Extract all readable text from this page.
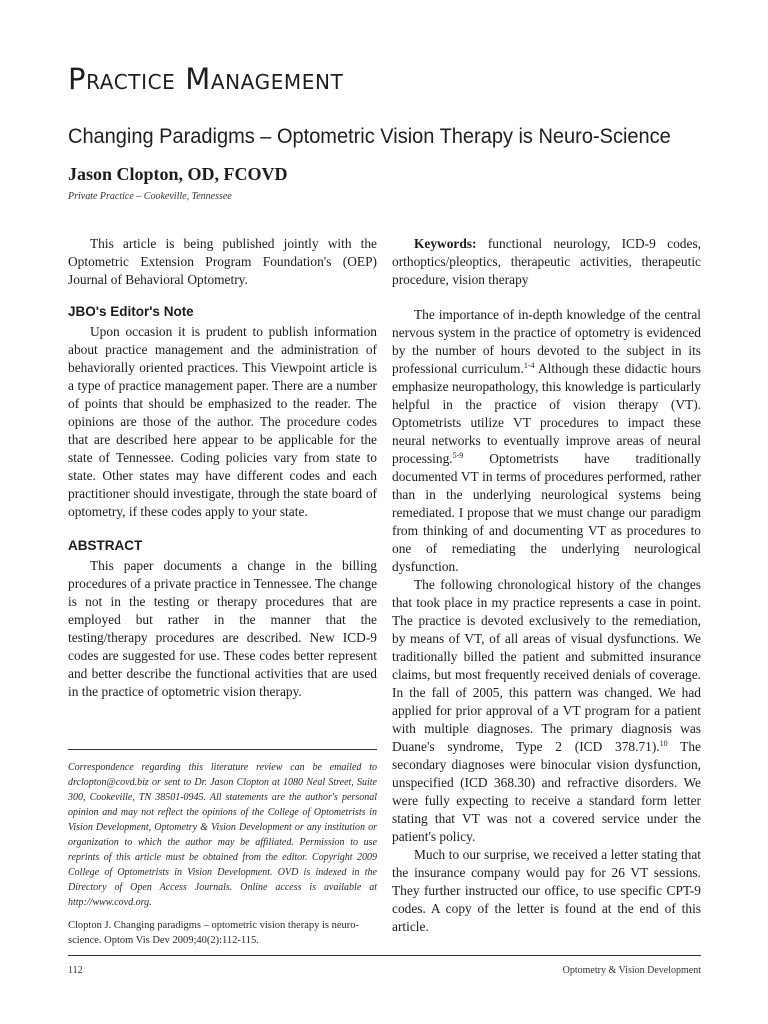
Practice Management
Changing Paradigms – Optometric Vision Therapy is Neuro-Science
Jason Clopton, OD, FCOVD
Private Practice – Cookeville, Tennessee

This article is being published jointly with the Optometric Extension Program Foundation's (OEP) Journal of Behavioral Optometry.

JBO's Editor's Note

Upon occasion it is prudent to publish information about practice management and the administration of behaviorally oriented practices. This Viewpoint article is a type of practice management paper. There are a number of points that should be emphasized to the reader. The opinions are those of the author. The procedure codes that are described here appear to be applicable for the state of Tennessee. Coding policies vary from state to state. Other states may have different codes and each practitioner should investigate, through the state board of optometry, if these codes apply to your state.

ABSTRACT

This paper documents a change in the billing procedures of a private practice in Tennessee. The change is not in the testing or therapy procedures that are employed but rather in the manner that the testing/therapy procedures are described. New ICD-9 codes are suggested for use. These codes better represent and better describe the functional activities that are used in the practice of optometric vision therapy.

Keywords: functional neurology, ICD-9 codes, orthoptics/pleoptics, therapeutic activities, therapeutic procedure, vision therapy

The importance of in-depth knowledge of the central nervous system in the practice of optometry is evidenced by the number of hours devoted to the subject in its professional curriculum.$^{1-4}$ Although these didactic hours emphasize neuropathology, this knowledge is particularly helpful in the practice of vision therapy (VT). Optometrists utilize VT procedures to impact these neural networks to eventually improve areas of neural processing.$^{5-9}$ Optometrists have traditionally documented VT in terms of procedures performed, rather than in the underlying neurological systems being remediated. I propose that we must change our paradigm from thinking of and documenting VT as procedures to one of remediating the underlying neurological dysfunction.

The following chronological history of the changes that took place in my practice represents a case in point. The practice is devoted exclusively to the remediation, by means of VT, of all areas of visual dysfunctions. We traditionally billed the patient and submitted insurance claims, but most frequently received denials of coverage. In the fall of 2005, this pattern was changed. We had applied for prior approval of a VT program for a patient with multiple diagnoses. The primary diagnosis was Duane's syndrome, Type 2 (ICD 378.71).$^{10}$ The secondary diagnoses were binocular vision dysfunction, unspecified (ICD 368.30) and refractive disorders. We were fully expecting to receive a standard form letter stating that VT was not a covered service under the patient's policy.

Much to our surprise, we received a letter stating that the insurance company would pay for 26 VT sessions. They further instructed our office, to use specific CPT-9 codes. A copy of the letter is found at the end of this article.

Correspondence regarding this literature review can be emailed to drclopton@covd.biz or sent to Dr. Jason Clopton at 1080 Neal Street, Suite 300, Cookeville, TN 38501-0945. All statements are the author's personal opinion and may not reflect the opinions of the College of Optometrists in Vision Development, Optometry & Vision Development or any institution or organization to which the author may be affiliated. Permission to use reprints of this article must be obtained from the editor. Copyright 2009 College of Optometrists in Vision Development. OVD is indexed in the Directory of Open Access Journals. Online access is available at http://www.covd.org.
Clopton J. Changing paradigms – optometric vision therapy is neuro-science. Optom Vis Dev 2009;40(2):112-115.
112	Optometry & Vision Development
